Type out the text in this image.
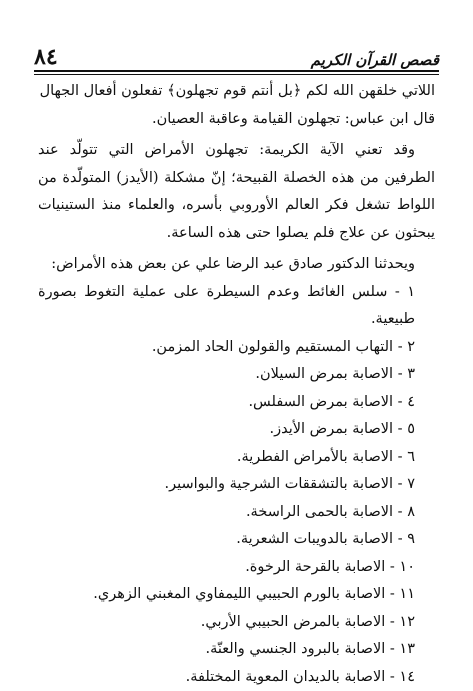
قصص القرآن الكريم
٨٤

اللاتي خلقهن الله لكم ﴿بل أنتم قوم تجهلون﴾ تفعلون أفعال الجهال

قال ابن عباس: تجهلون القيامة وعاقبة العصيان.

وقد تعني الآية الكريمة: تجهلون الأمراض التي تتولّد عند الطرفين من هذه الخصلة القبيحة؛ إنّ مشكلة (الأيدز) المتولّدة من اللواط تشغل فكر العالم الأوروبي بأسره، والعلماء منذ الستينيات يبحثون عن علاج فلم يصلوا حتى هذه الساعة.

ويحدثنا الدكتور صادق عبد الرضا علي عن بعض هذه الأمراض:

١ - سلس الغائط وعدم السيطرة على عملية التغوط بصورة طبيعية.
٢ - التهاب المستقيم والقولون الحاد المزمن.
٣ - الاصابة بمرض السيلان.
٤ - الاصابة بمرض السفلس.
٥ - الاصابة بمرض الأيدز.
٦ - الاصابة بالأمراض الفطرية.
٧ - الاصابة بالتشققات الشرجية والبواسير.
٨ - الاصابة بالحمى الراسخة.
٩ - الاصابة بالدويبات الشعرية.
١٠ - الاصابة بالقرحة الرخوة.
١١ - الاصابة بالورم الحبيبي الليمفاوي المغبني الزهري.
١٢ - الاصابة بالمرض الحبيبي الأربي.
١٣ - الاصابة بالبرود الجنسي والعنّة.
١٤ - الاصابة بالديدان المعوية المختلفة.
